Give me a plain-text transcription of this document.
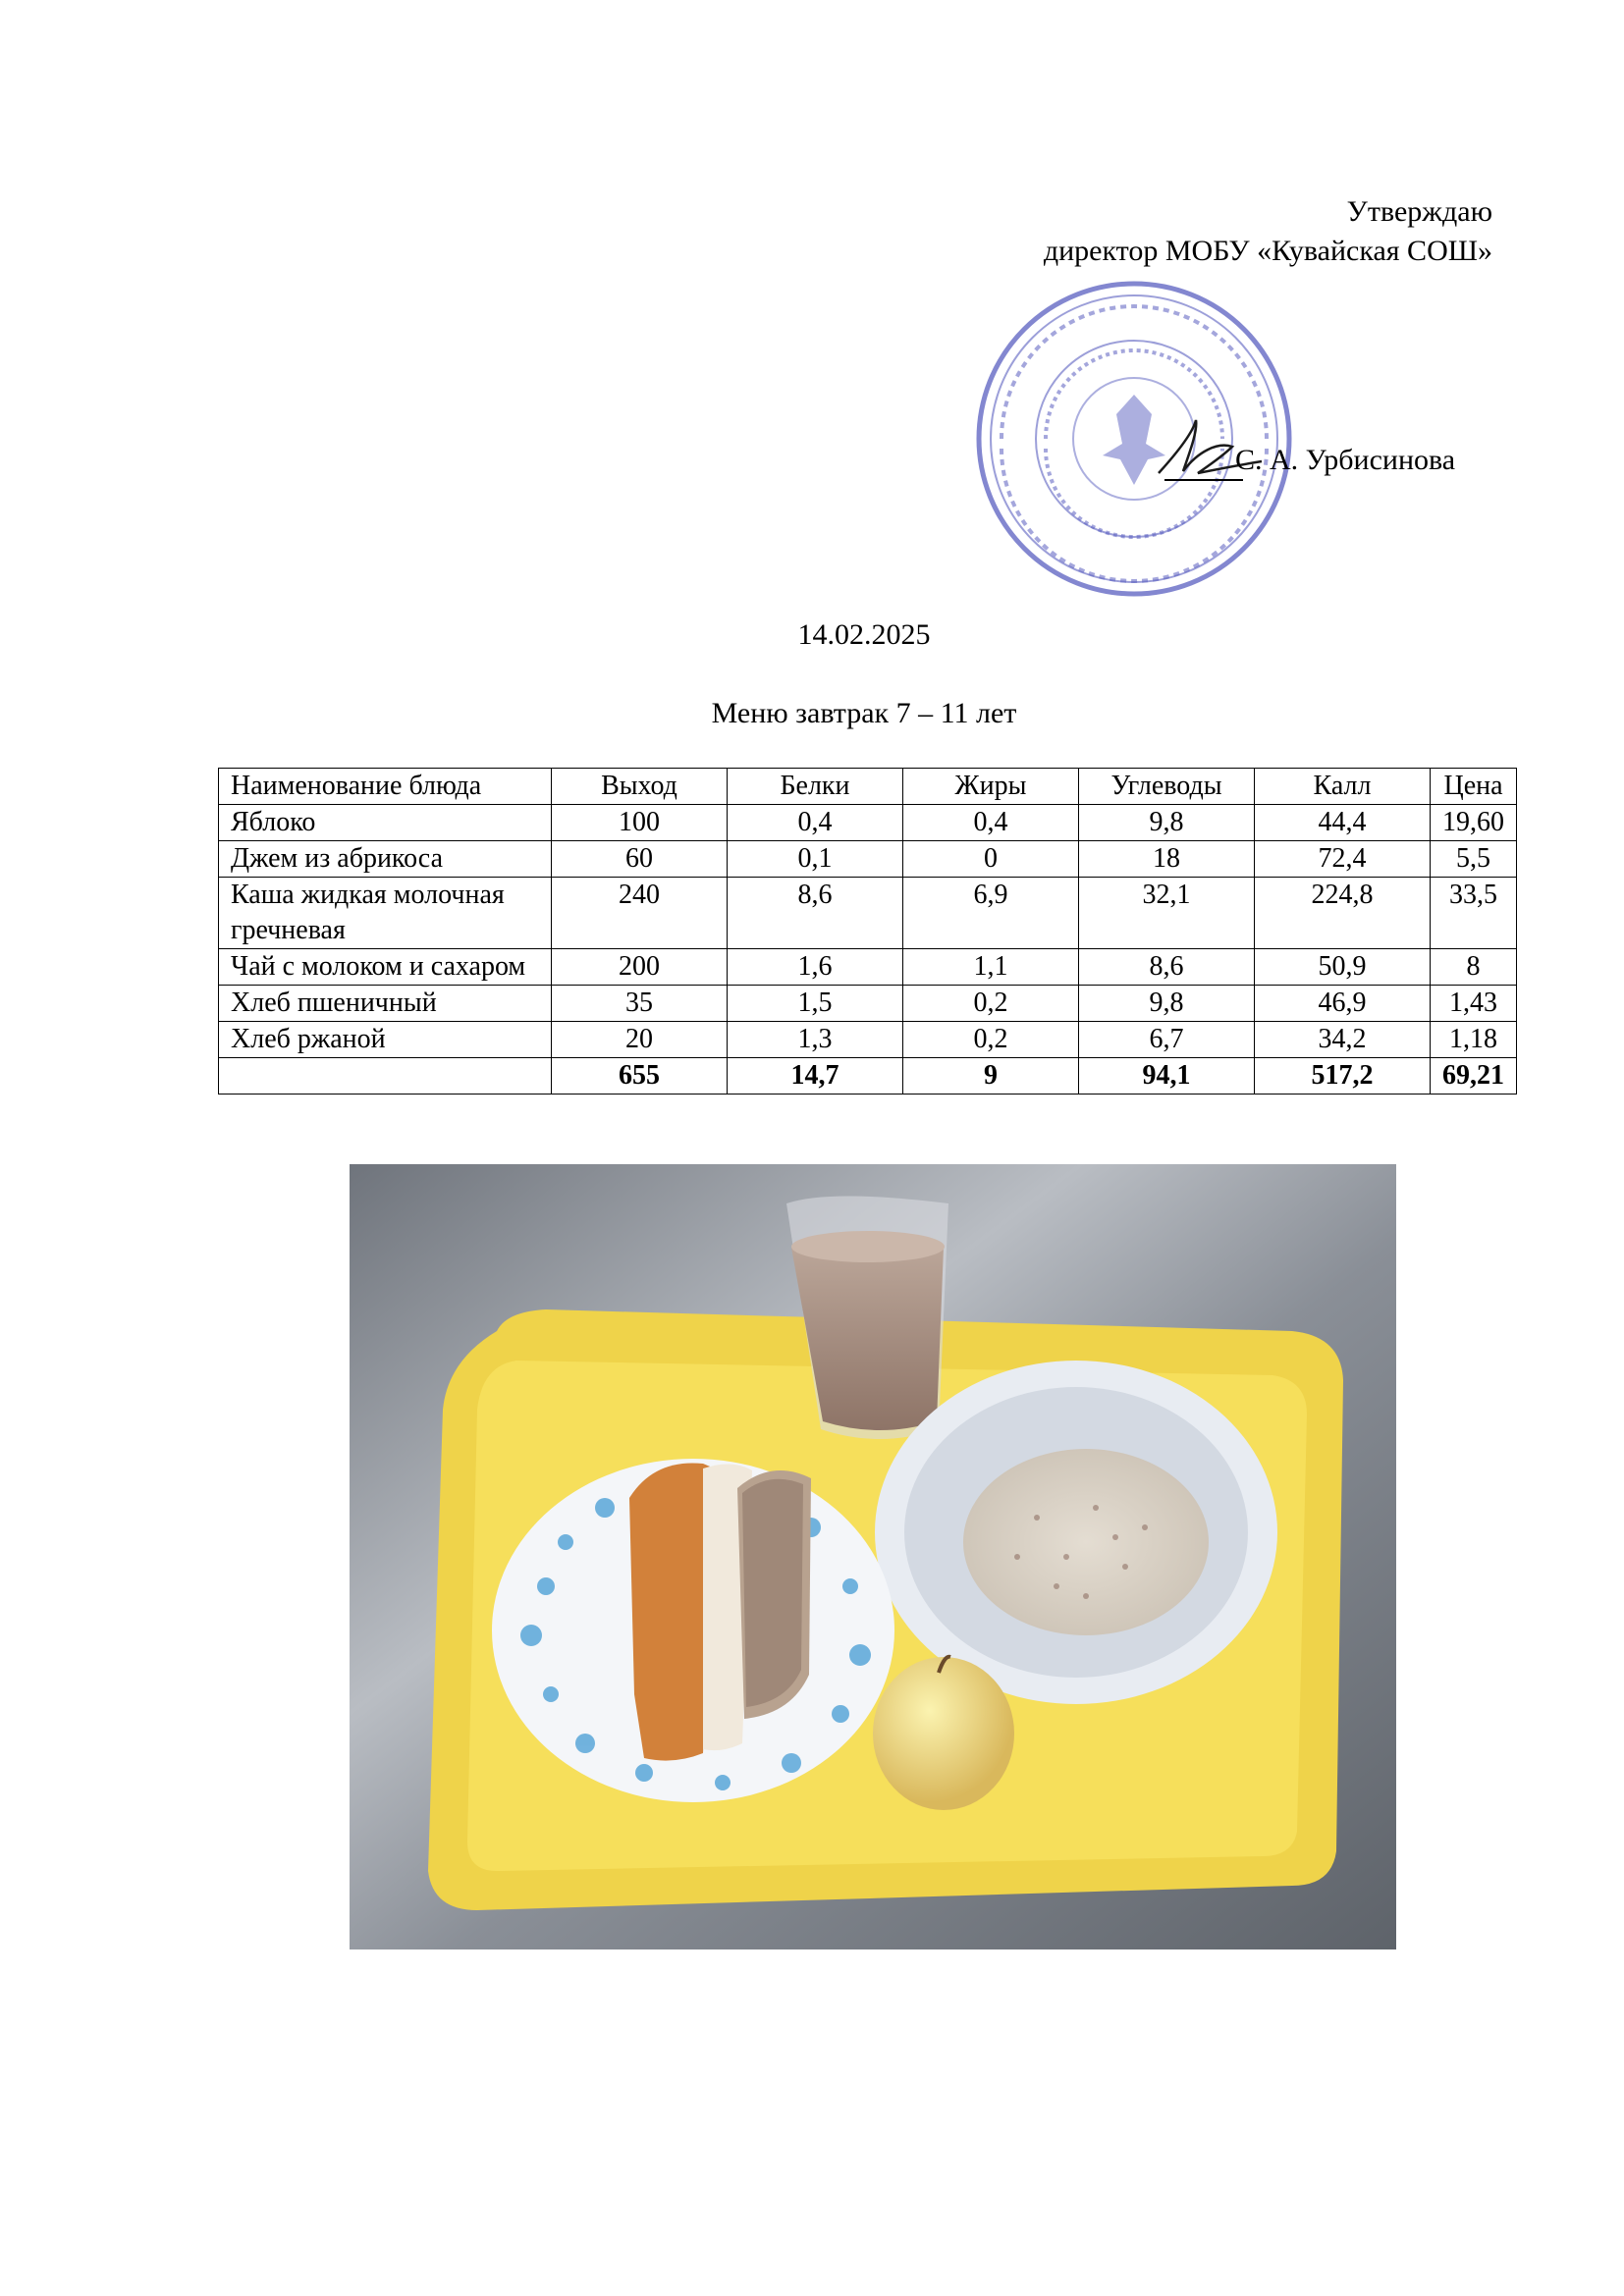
Утверждаю
директор МОБУ «Кувайская СОШ»
С. А. Урбисинова
14.02.2025
Меню завтрак 7 – 11 лет
Наименование блюда	Выход	Белки	Жиры	Углеводы	Калл	Цена
Яблоко	100	0,4	0,4	9,8	44,4	19,60
Джем из абрикоса	60	0,1	0	18	72,4	5,5
Каша жидкая молочная гречневая	240	8,6	6,9	32,1	224,8	33,5
Чай с молоком и сахаром	200	1,6	1,1	8,6	50,9	8
Хлеб пшеничный	35	1,5	0,2	9,8	46,9	1,43
Хлеб ржаной	20	1,3	0,2	6,7	34,2	1,18
	655	14,7	9	94,1	517,2	69,21
